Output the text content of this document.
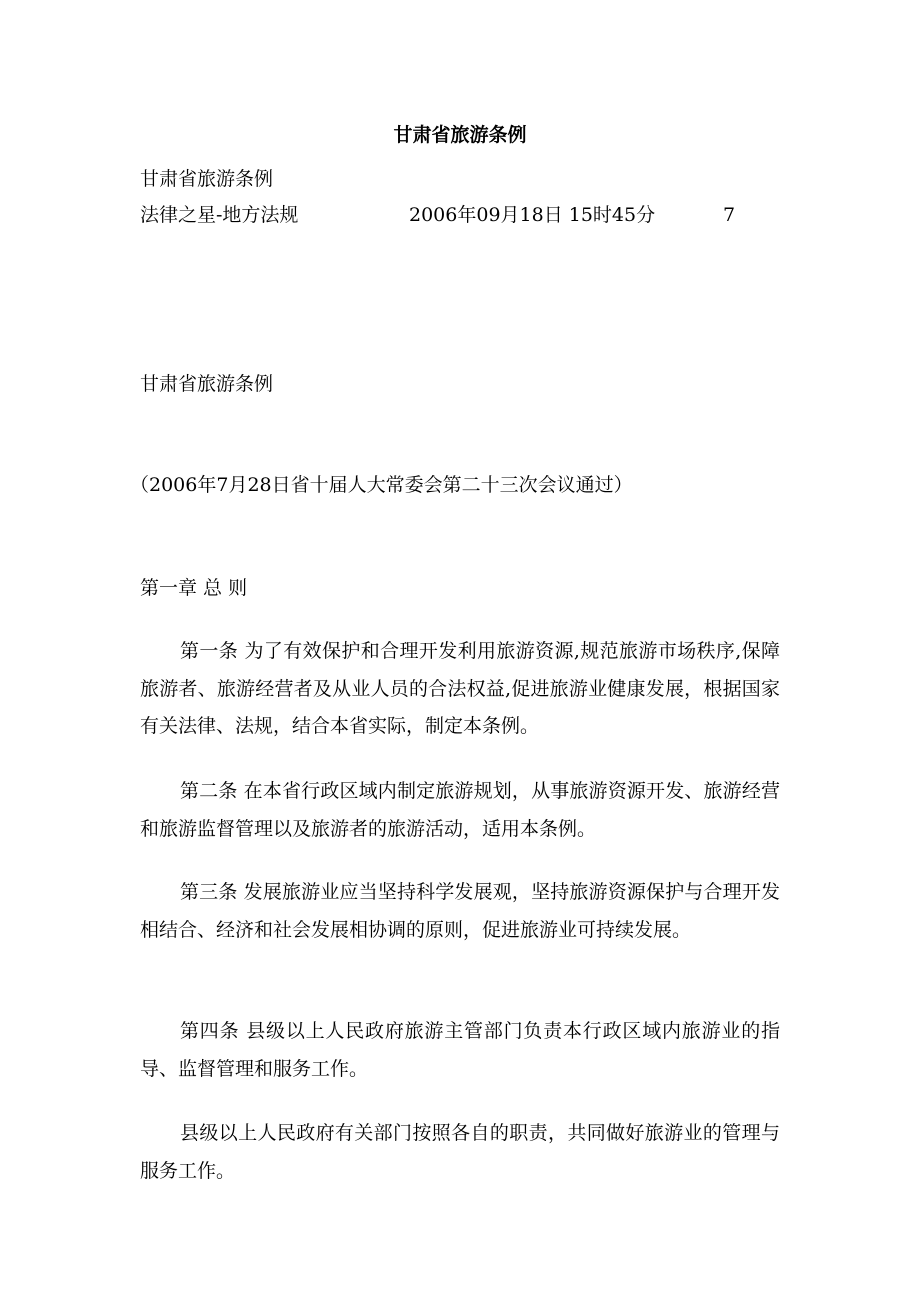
甘肃省旅游条例

甘肃省旅游条例

法律之星-地方法规	2006年09月18日 15时45分	7

甘肃省旅游条例

（2006年7月28日省十届人大常委会第二十三次会议通过）

第一章 总 则

第一条 为了有效保护和合理开发利用旅游资源,规范旅游市场秩序,保障旅游者、旅游经营者及从业人员的合法权益,促进旅游业健康发展，根据国家有关法律、法规，结合本省实际，制定本条例。

第二条 在本省行政区域内制定旅游规划，从事旅游资源开发、旅游经营和旅游监督管理以及旅游者的旅游活动，适用本条例。

第三条 发展旅游业应当坚持科学发展观，坚持旅游资源保护与合理开发相结合、经济和社会发展相协调的原则，促进旅游业可持续发展。

第四条 县级以上人民政府旅游主管部门负责本行政区域内旅游业的指导、监督管理和服务工作。

县级以上人民政府有关部门按照各自的职责，共同做好旅游业的管理与服务工作。
